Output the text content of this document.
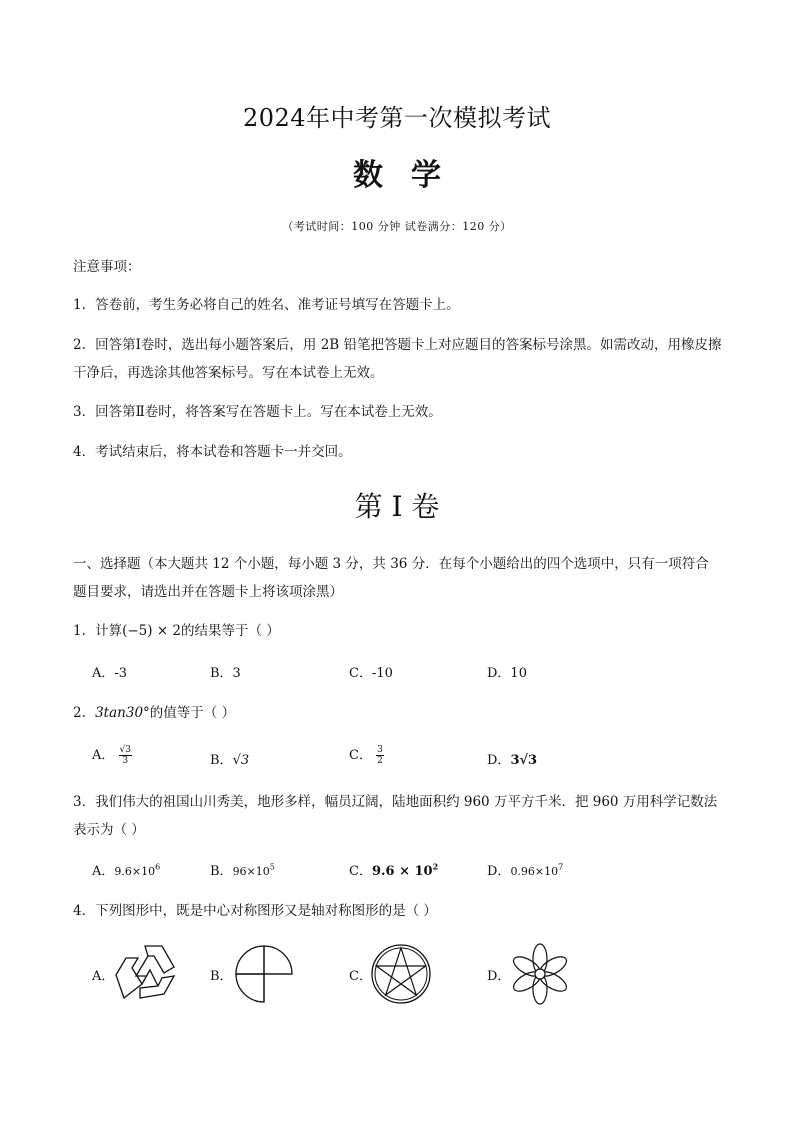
2024年中考第一次模拟考试
数学
（考试时间：100 分钟 试卷满分：120 分）
注意事项：
1．答卷前，考生务必将自己的姓名、准考证号填写在答题卡上。
2．回答第Ⅰ卷时，选出每小题答案后，用 2B 铅笔把答题卡上对应题目的答案标号涂黑。如需改动，用橡皮擦干净后，再选涂其他答案标号。写在本试卷上无效。
3．回答第Ⅱ卷时，将答案写在答题卡上。写在本试卷上无效。
4．考试结束后，将本试卷和答题卡一并交回。
第 I 卷
一、选择题（本大题共 12 个小题，每小题 3 分，共 36 分．在每个小题给出的四个选项中，只有一项符合
题目要求，请选出并在答题卡上将该项涂黑）
1．计算(−5) × 2的结果等于（ ）
A．-3	B．3	C．-10	D．10
2．3tan30°的值等于（ ）
A． $\frac{√3}{3}$	B．√3	C． $\frac{3}{2}$	D．3√3
3．我们伟大的祖国山川秀美，地形多样，幅员辽阔，陆地面积约 960 万平方千米．把 960 万用科学记数法
表示为（ ）
A．$9.6\times 10^6$	B．$96\times 10^5$	C．$9.6 \times 10^2$	D．$0.96\times 10^7$
4．下列图形中，既是中心对称图形又是轴对称图形的是（ ）
A．	B．	C．	D．
